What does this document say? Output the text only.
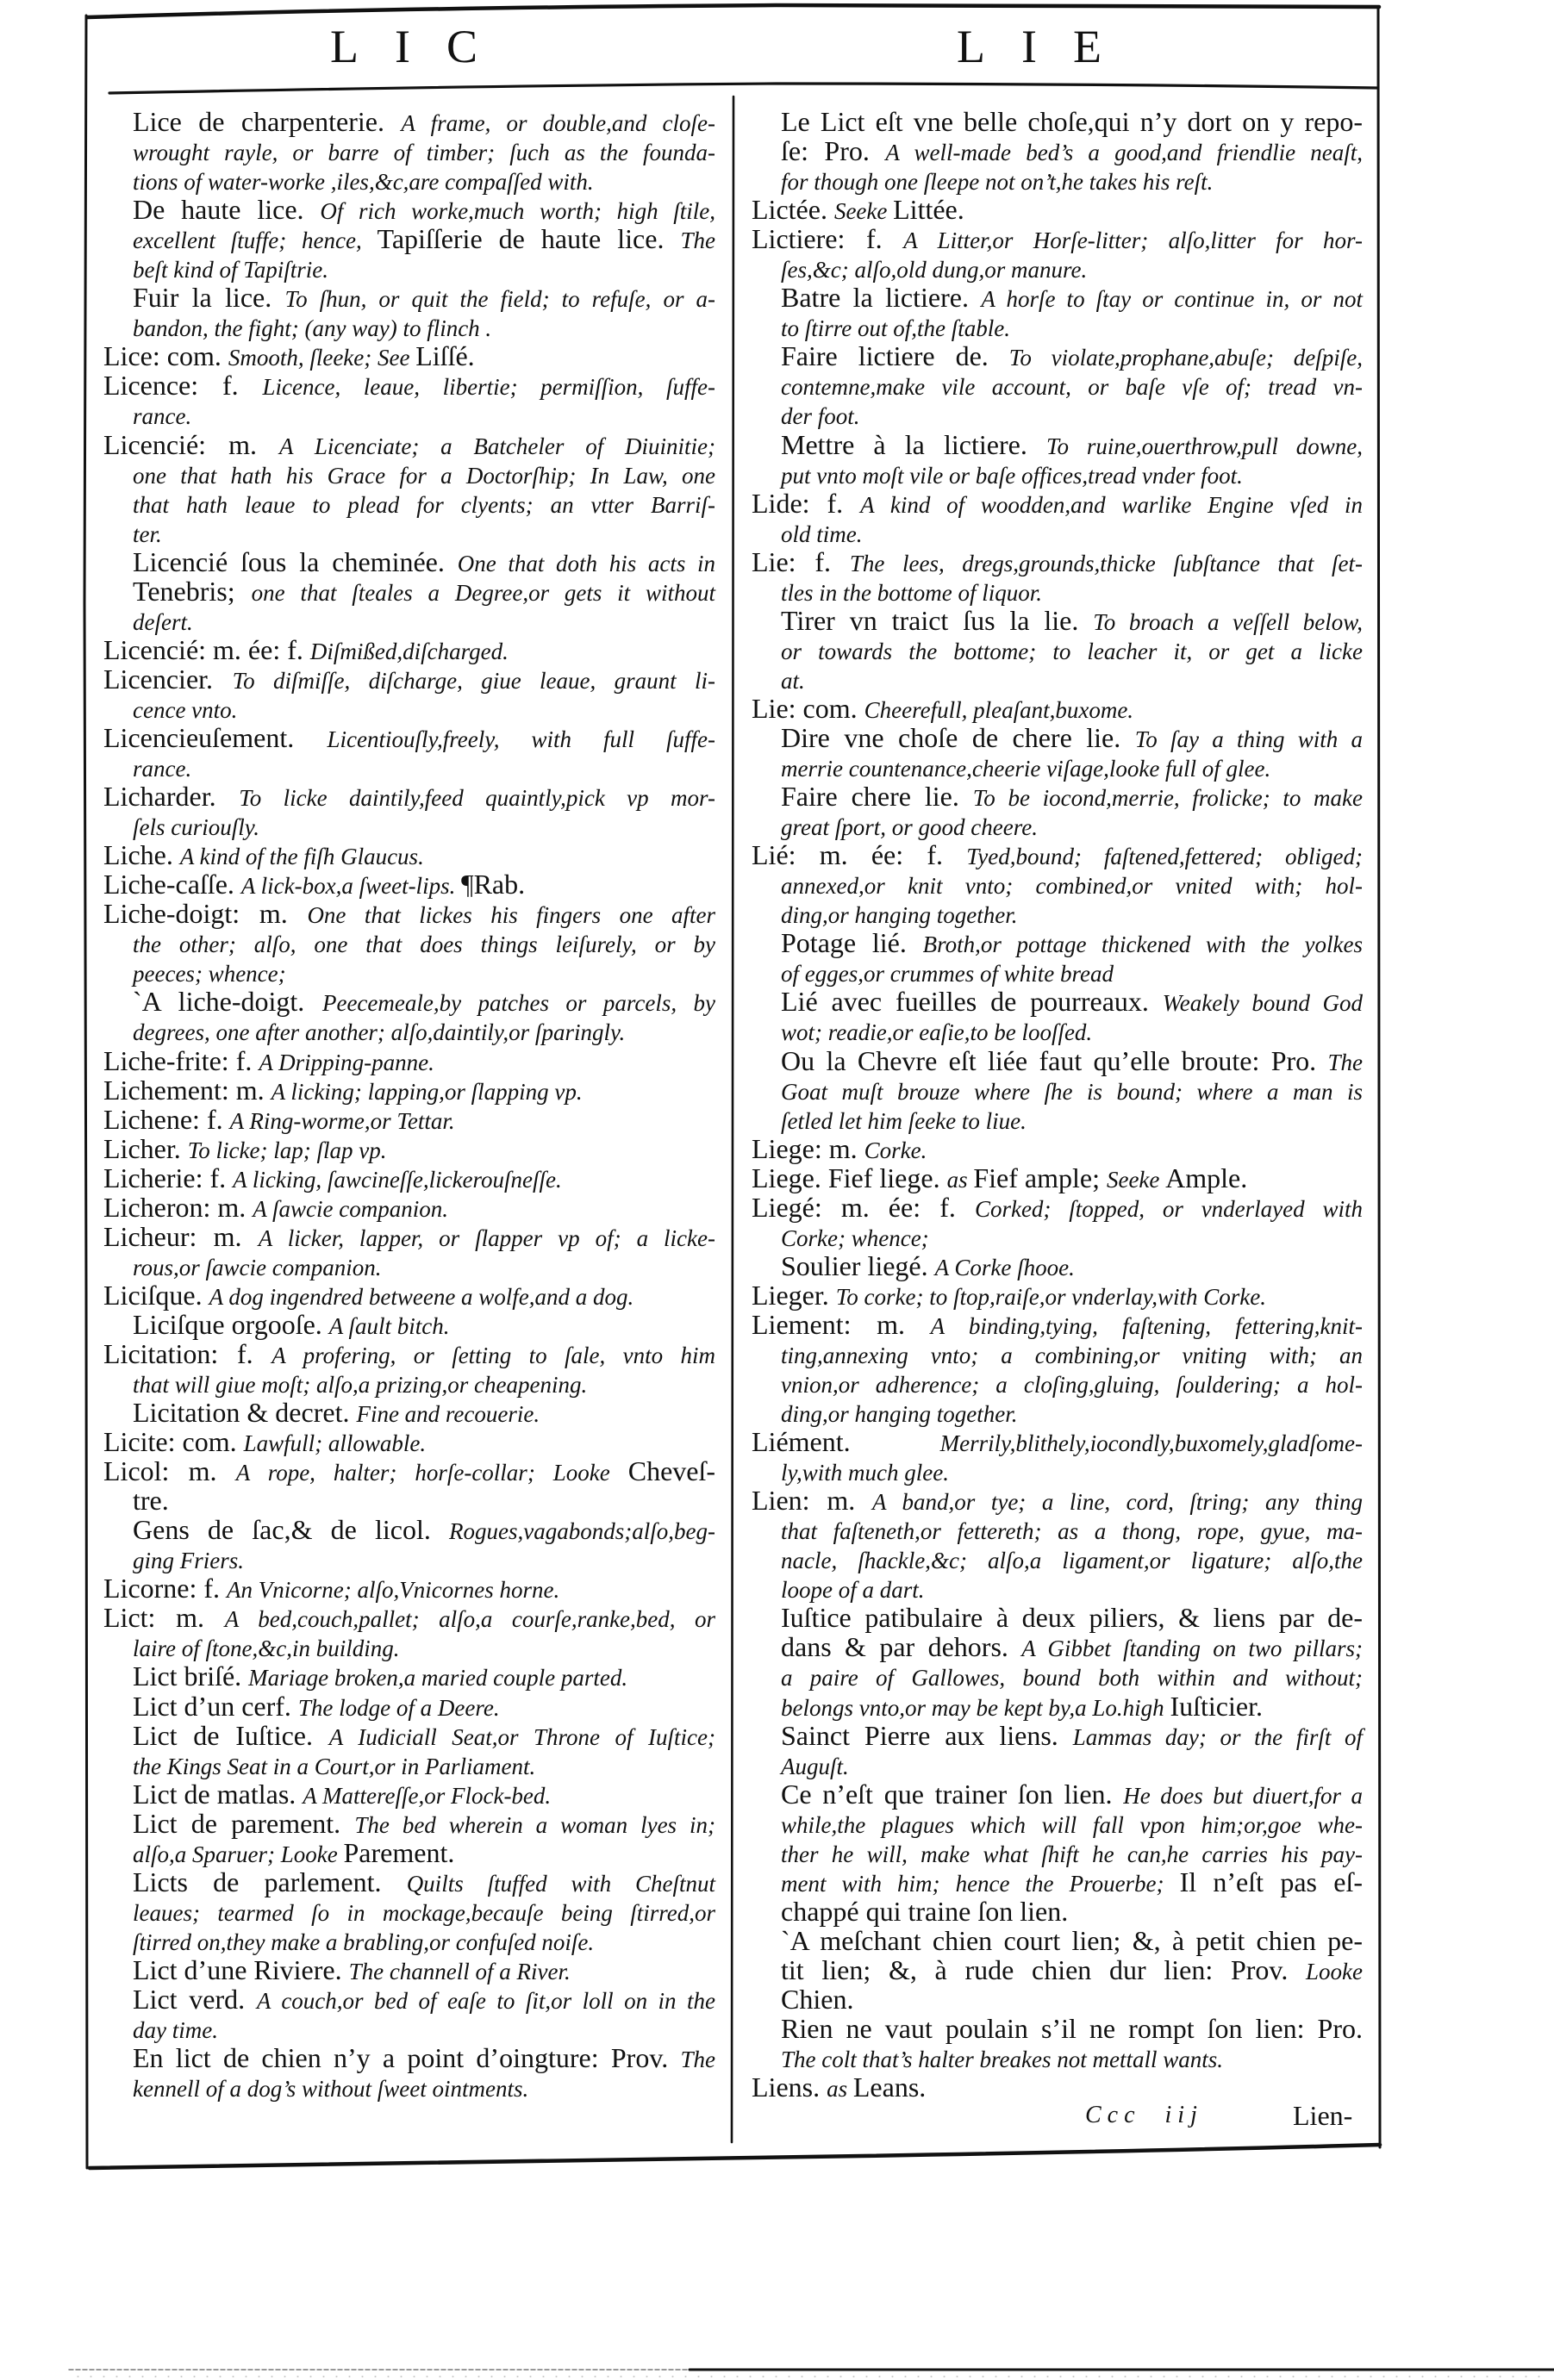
LIC	LIE
Lice de charpenterie. A frame, or double,and cloſe-
wrought rayle, or barre of timber; ſuch as the founda-
tions of water-worke ,iles,&c,are compaſſed with.
De haute lice. Of rich worke,much worth; high ſtile,
excellent ſtuffe; hence, Tapiſſerie de haute lice. The
beſt kind of Tapiſtrie.
Fuir la lice. To ſhun, or quit the field; to refuſe, or a-
bandon, the fight; (any way) to flinch .
Lice: com. Smooth, ſleeke; See Liſſé.
Licence: f. Licence, leaue, libertie; permiſſion, ſuffe-
rance.
Licencié: m. A Licenciate; a Batcheler of Diuinitie;
one that hath his Grace for a Doctorſhip; In Law, one
that hath leaue to plead for clyents; an vtter Barriſ-
ter.
Licencié ſous la cheminée. One that doth his acts in
Tenebris; one that ſteales a Degree,or gets it without
deſert.
Licencié: m. ée: f. Diſmißed,diſcharged.
Licencier. To diſmiſſe, diſcharge, giue leaue, graunt li-
cence vnto.
Licencieuſement. Licentiouſly,freely, with full ſuffe-
rance.
Licharder. To licke daintily,feed quaintly,pick vp mor-
ſels curiouſly.
Liche. A kind of the fiſh Glaucus.
Liche-caſſe. A lick-box,a ſweet-lips. ¶Rab.
Liche-doigt: m. One that lickes his fingers one after
the other; alſo, one that does things leiſurely, or by
peeces; whence;
`A liche-doigt. Peecemeale,by patches or parcels, by
degrees, one after another; alſo,daintily,or ſparingly.
Liche-frite: f. A Dripping-panne.
Lichement: m. A licking; lapping,or ſlapping vp.
Lichene: f. A Ring-worme,or Tettar.
Licher. To licke; lap; ſlap vp.
Licherie: f. A licking, ſawcineſſe,lickerouſneſſe.
Licheron: m. A ſawcie companion.
Licheur: m. A licker, lapper, or ſlapper vp of; a licke-
rous,or ſawcie companion.
Liciſque. A dog ingendred betweene a wolfe,and a dog.
Liciſque orgooſe. A ſault bitch.
Licitation: f. A profering, or ſetting to ſale, vnto him
that will giue moſt; alſo,a prizing,or cheapening.
Licitation & decret. Fine and recouerie.
Licite: com. Lawfull; allowable.
Licol: m. A rope, halter; horſe-collar; Looke Cheveſ-
tre.
Gens de ſac,& de licol. Rogues,vagabonds;alſo,beg-
ging Friers.
Licorne: f. An Vnicorne; alſo,Vnicornes horne.
Lict: m. A bed,couch,pallet; alſo,a courſe,ranke,bed, or
laire of ſtone,&c,in building.
Lict briſé. Mariage broken,a maried couple parted.
Lict d’un cerf. The lodge of a Deere.
Lict de Iuſtice. A Iudiciall Seat,or Throne of Iuſtice;
the Kings Seat in a Court,or in Parliament.
Lict de matlas. A Mattereſſe,or Flock-bed.
Lict de parement. The bed wherein a woman lyes in;
alſo,a Sparuer; Looke Parement.
Licts de parlement. Quilts ſtuffed with Cheſtnut
leaues; tearmed ſo in mockage,becauſe being ſtirred,or
ſtirred on,they make a brabling,or confuſed noiſe.
Lict d’une Riviere. The channell of a River.
Lict verd. A couch,or bed of eaſe to ſit,or loll on in the
day time.
En lict de chien n’y a point d’oingture: Prov. The
kennell of a dog’s without ſweet ointments.
Le Lict eſt vne belle choſe,qui n’y dort on y repo-
ſe: Pro. A well-made bed’s a good,and friendlie neaſt,
for though one ſleepe not on’t,he takes his reſt.
Lictée. Seeke Littée.
Lictiere: f. A Litter,or Horſe-litter; alſo,litter for hor-
ſes,&c; alſo,old dung,or manure.
Batre la lictiere. A horſe to ſtay or continue in, or not
to ſtirre out of,the ſtable.
Faire lictiere de. To violate,prophane,abuſe; deſpiſe,
contemne,make vile account, or baſe vſe of; tread vn-
der foot.
Mettre à la lictiere. To ruine,ouerthrow,pull downe,
put vnto moſt vile or baſe offices,tread vnder foot.
Lide: f. A kind of woodden,and warlike Engine vſed in
old time.
Lie: f. The lees, dregs,grounds,thicke ſubſtance that ſet-
tles in the bottome of liquor.
Tirer vn traict ſus la lie. To broach a veſſell below,
or towards the bottome; to leacher it, or get a licke
at.
Lie: com. Cheerefull, pleaſant,buxome.
Dire vne choſe de chere lie. To ſay a thing with a
merrie countenance,cheerie viſage,looke full of glee.
Faire chere lie. To be iocond,merrie, frolicke; to make
great ſport, or good cheere.
Lié: m. ée: f. Tyed,bound; faſtened,fettered; obliged;
annexed,or knit vnto; combined,or vnited with; hol-
ding,or hanging together.
Potage lié. Broth,or pottage thickened with the yolkes
of egges,or crummes of white bread
Lié avec fueilles de pourreaux. Weakely bound God
wot; readie,or eaſie,to be looſſed.
Ou la Chevre eſt liée faut qu’elle broute: Pro. The
Goat muſt brouze where ſhe is bound; where a man is
ſetled let him ſeeke to liue.
Liege: m. Corke.
Liege. Fief liege. as Fief ample; Seeke Ample.
Liegé: m. ée: f. Corked; ſtopped, or vnderlayed with
Corke; whence;
Soulier liegé. A Corke ſhooe.
Lieger. To corke; to ſtop,raiſe,or vnderlay,with Corke.
Liement: m. A binding,tying, faſtening, fettering,knit-
ting,annexing vnto; a combining,or vniting with; an
vnion,or adherence; a cloſing,gluing, ſouldering; a hol-
ding,or hanging together.
Liément. Merrily,blithely,iocondly,buxomely,gladſome-
ly,with much glee.
Lien: m. A band,or tye; a line, cord, ſtring; any thing
that faſteneth,or fettereth; as a thong, rope, gyue, ma-
nacle, ſhackle,&c; alſo,a ligament,or ligature; alſo,the
loope of a dart.
Iuſtice patibulaire à deux piliers, & liens par de-
dans & par dehors. A Gibbet ſtanding on two pillars;
a paire of Gallowes, bound both within and without;
belongs vnto,or may be kept by,a Lo.high Iuſticier.
Sainct Pierre aux liens. Lammas day; or the firſt of
Auguſt.
Ce n’eſt que trainer ſon lien. He does but diuert,for a
while,the plagues which will fall vpon him;or,goe whe-
ther he will, make what ſhift he can,he carries his pay-
ment with him; hence the Prouerbe; Il n’eſt pas eſ-
chappé qui traine ſon lien.
`A meſchant chien court lien; &, à petit chien pe-
tit lien; &, à rude chien dur lien: Prov. Looke
Chien.
Rien ne vaut poulain s’il ne rompt ſon lien: Pro.
The colt that’s halter breakes not mettall wants.
Liens. as Leans.
Ccc iij	Lien-
